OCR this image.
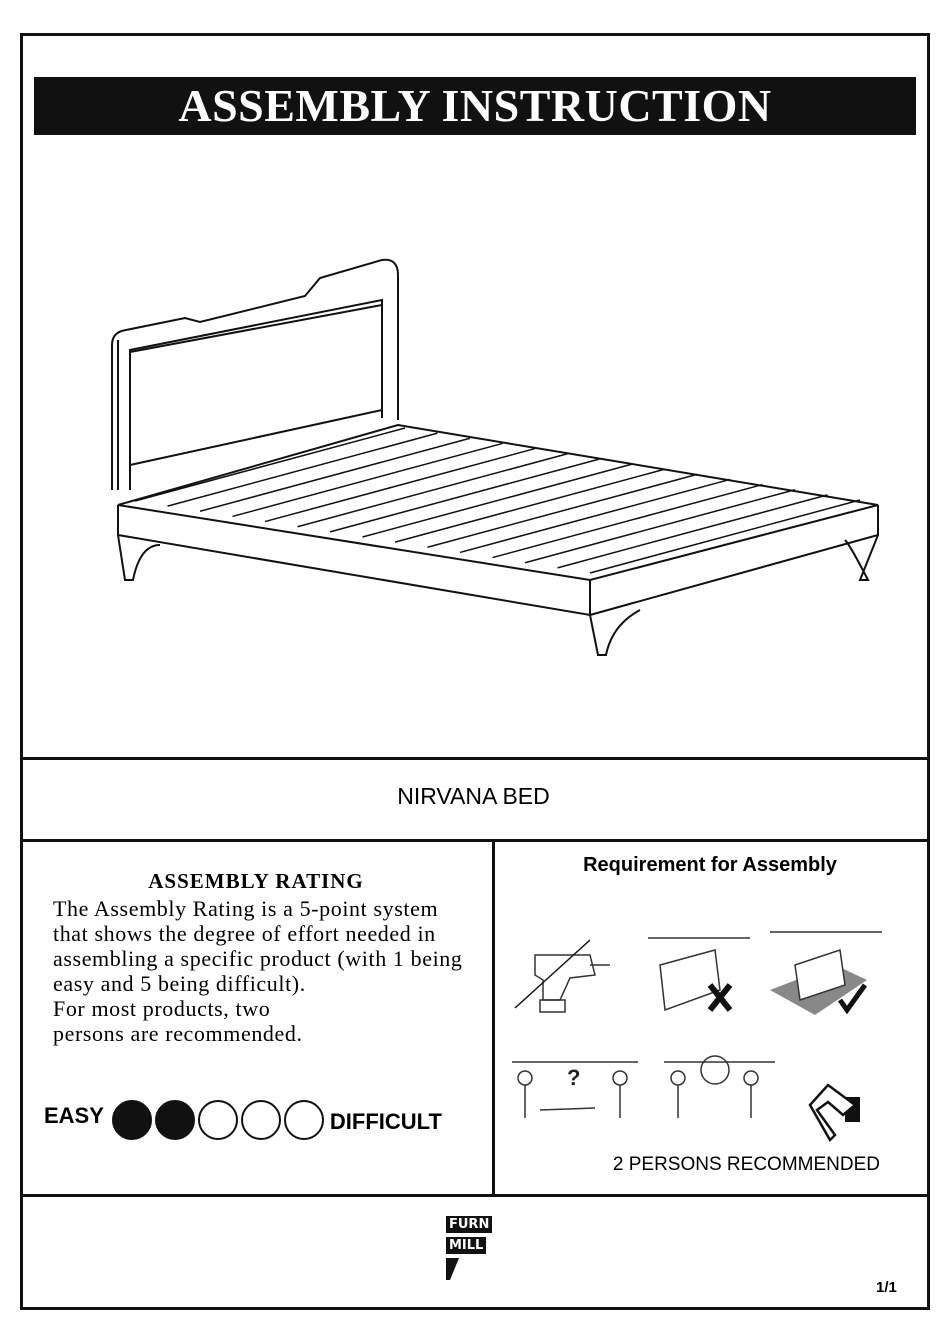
ASSEMBLY INSTRUCTION
NIRVANA BED
ASSEMBLY RATING
The Assembly Rating is a 5-point system that shows the degree of effort needed in assembling a specific product (with 1 being easy and 5 being difficult).
For most products, two
persons are recommended.
EASY	DIFFICULT
Requirement for Assembly
?
2 PERSONS RECOMMENDED
FURN
MILL
1/1
